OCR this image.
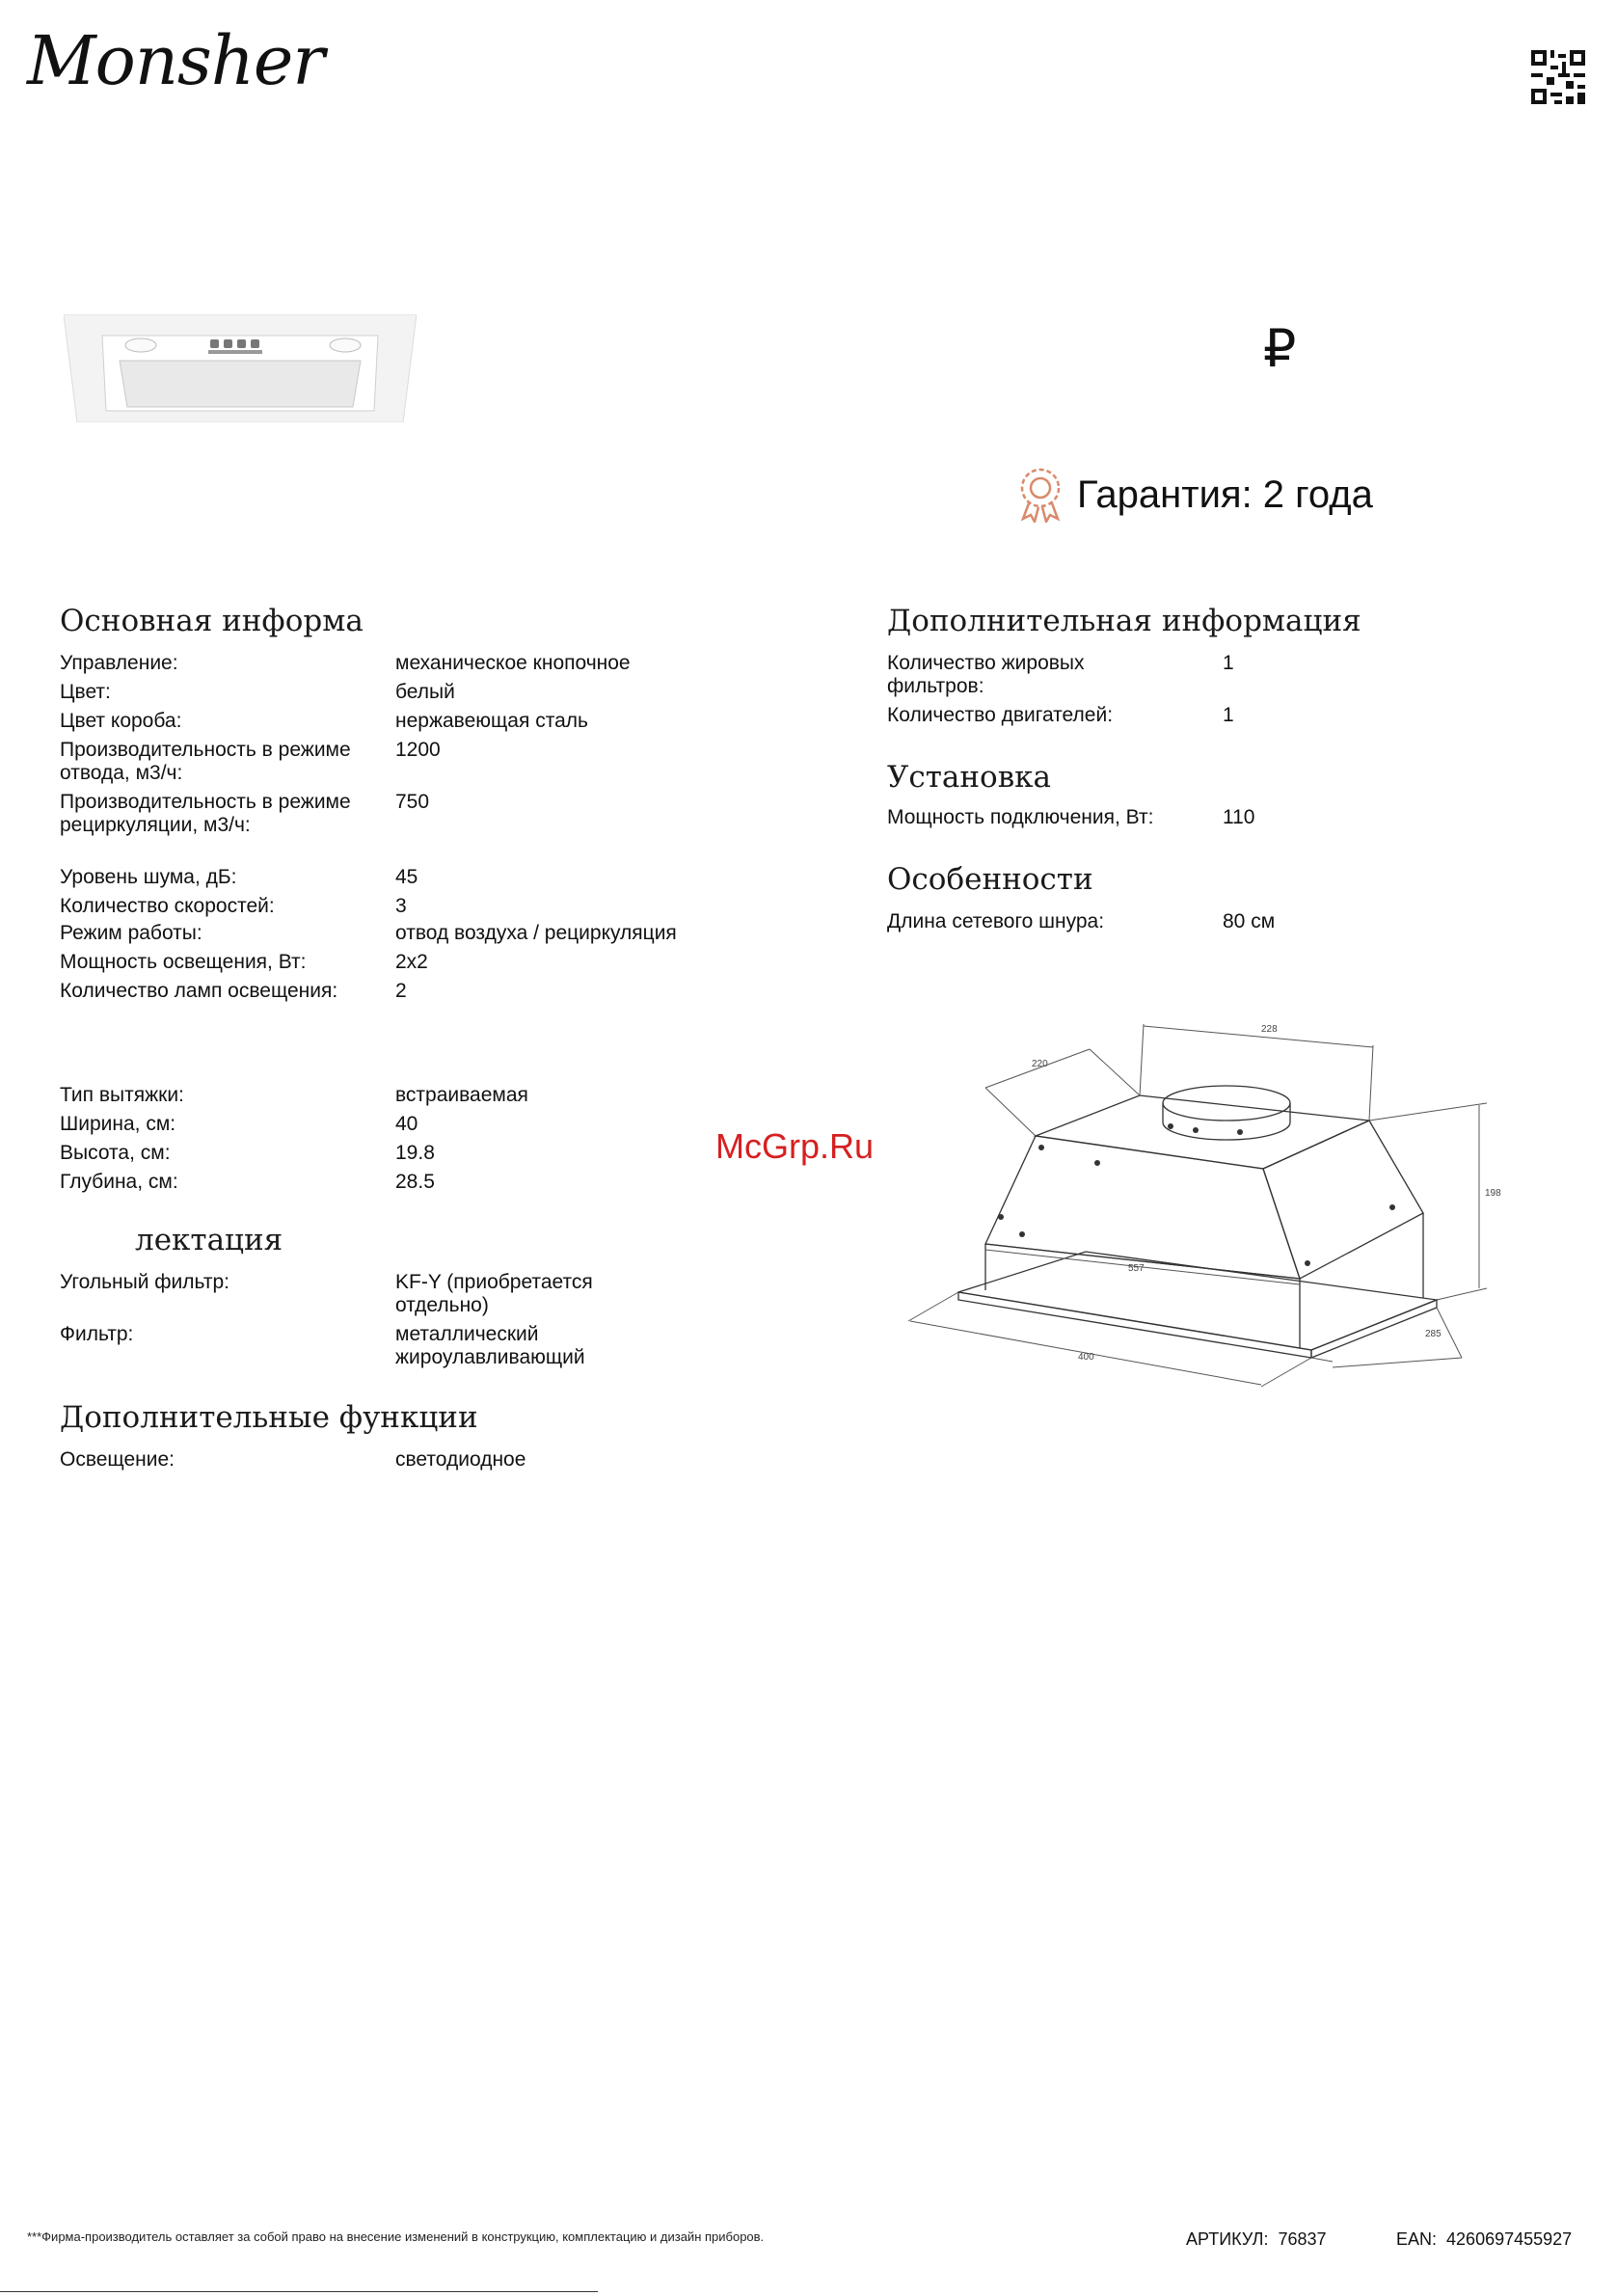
Monsher
₽
Гарантия: 2 года
Основная информа
Управление:	механическое кнопочное
Цвет:	белый
Цвет короба:	нержавеющая сталь
Производительность в режиме отвода, м3/ч:
1200
Производительность в режиме рециркуляции, м3/ч:
750
Уровень шума, дБ:	45
Количество скоростей:	3
Режим работы:	отвод воздуха / рециркуляция
Мощность освещения, Вт:	2x2
Количество ламп освещения:	2
Тип вытяжки:	встраиваемая
Ширина, см:	40
Высота, см:	19.8
Глубина, см:	28.5
лектация
Угольный фильтр:	KF-Y (приобретается отдельно)
Фильтр:	металлический жироулавливающий
Дополнительные функции
Освещение:	светодиодное
Дополнительная информация
Количество жировых фильтров:
1
Количество двигателей:	1
Установка
Мощность подключения, Вт:	110
Особенности
Длина сетевого шнура:	80 см
McGrp.Ru
220
228
557
400
285
198
***Фирма-производитель оставляет за собой право на внесение изменений в конструкцию, комплектацию и дизайн приборов.	АРТИКУЛ: 76837	EAN: 4260697455927
